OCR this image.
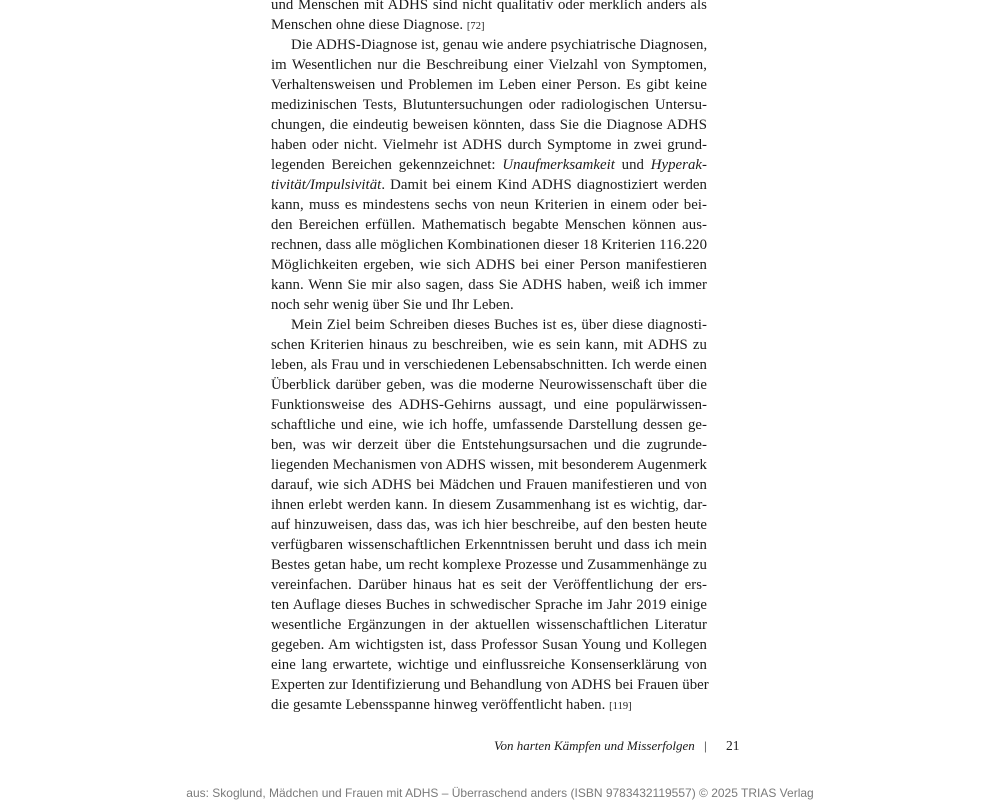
und Menschen mit ADHS sind nicht qualitativ oder merklich anders als
Menschen ohne diese Diagnose. [72]
Die ADHS-Diagnose ist, genau wie andere psychiatrische Diagnosen,
im Wesentlichen nur die Beschreibung einer Vielzahl von Symptomen,
Verhaltensweisen und Problemen im Leben einer Person. Es gibt keine
medizinischen Tests, Blutuntersuchungen oder radiologischen Untersu-
chungen, die eindeutig beweisen könnten, dass Sie die Diagnose ADHS
haben oder nicht. Vielmehr ist ADHS durch Symptome in zwei grund-
legenden Bereichen gekennzeichnet: Unaufmerksamkeit und Hyperak-
tivität/Impulsivität. Damit bei einem Kind ADHS diagnostiziert werden
kann, muss es mindestens sechs von neun Kriterien in einem oder bei-
den Bereichen erfüllen. Mathematisch begabte Menschen können aus-
rechnen, dass alle möglichen Kombinationen dieser 18 Kriterien 116.220
Möglichkeiten ergeben, wie sich ADHS bei einer Person manifestieren
kann. Wenn Sie mir also sagen, dass Sie ADHS haben, weiß ich immer
noch sehr wenig über Sie und Ihr Leben.
Mein Ziel beim Schreiben dieses Buches ist es, über diese diagnosti-
schen Kriterien hinaus zu beschreiben, wie es sein kann, mit ADHS zu
leben, als Frau und in verschiedenen Lebensabschnitten. Ich werde einen
Überblick darüber geben, was die moderne Neurowissenschaft über die
Funktionsweise des ADHS-Gehirns aussagt, und eine populärwissen-
schaftliche und eine, wie ich hoffe, umfassende Darstellung dessen ge-
ben, was wir derzeit über die Entstehungsursachen und die zugrunde-
liegenden Mechanismen von ADHS wissen, mit besonderem Augenmerk
darauf, wie sich ADHS bei Mädchen und Frauen manifestieren und von
ihnen erlebt werden kann. In diesem Zusammenhang ist es wichtig, dar-
auf hinzuweisen, dass das, was ich hier beschreibe, auf den besten heute
verfügbaren wissenschaftlichen Erkenntnissen beruht und dass ich mein
Bestes getan habe, um recht komplexe Prozesse und Zusammenhänge zu
vereinfachen. Darüber hinaus hat es seit der Veröffentlichung der ers-
ten Auflage dieses Buches in schwedischer Sprache im Jahr 2019 einige
wesentliche Ergänzungen in der aktuellen wissenschaftlichen Literatur
gegeben. Am wichtigsten ist, dass Professor Susan Young und Kollegen
eine lang erwartete, wichtige und einflussreiche Konsenserklärung von
Experten zur Identifizierung und Behandlung von ADHS bei Frauen über
die gesamte Lebensspanne hinweg veröffentlicht haben. [119]
Von harten Kämpfen und Misserfolgen | 21
aus: Skoglund, Mädchen und Frauen mit ADHS – Überraschend anders (ISBN 9783432119557) © 2025 TRIAS Verlag
